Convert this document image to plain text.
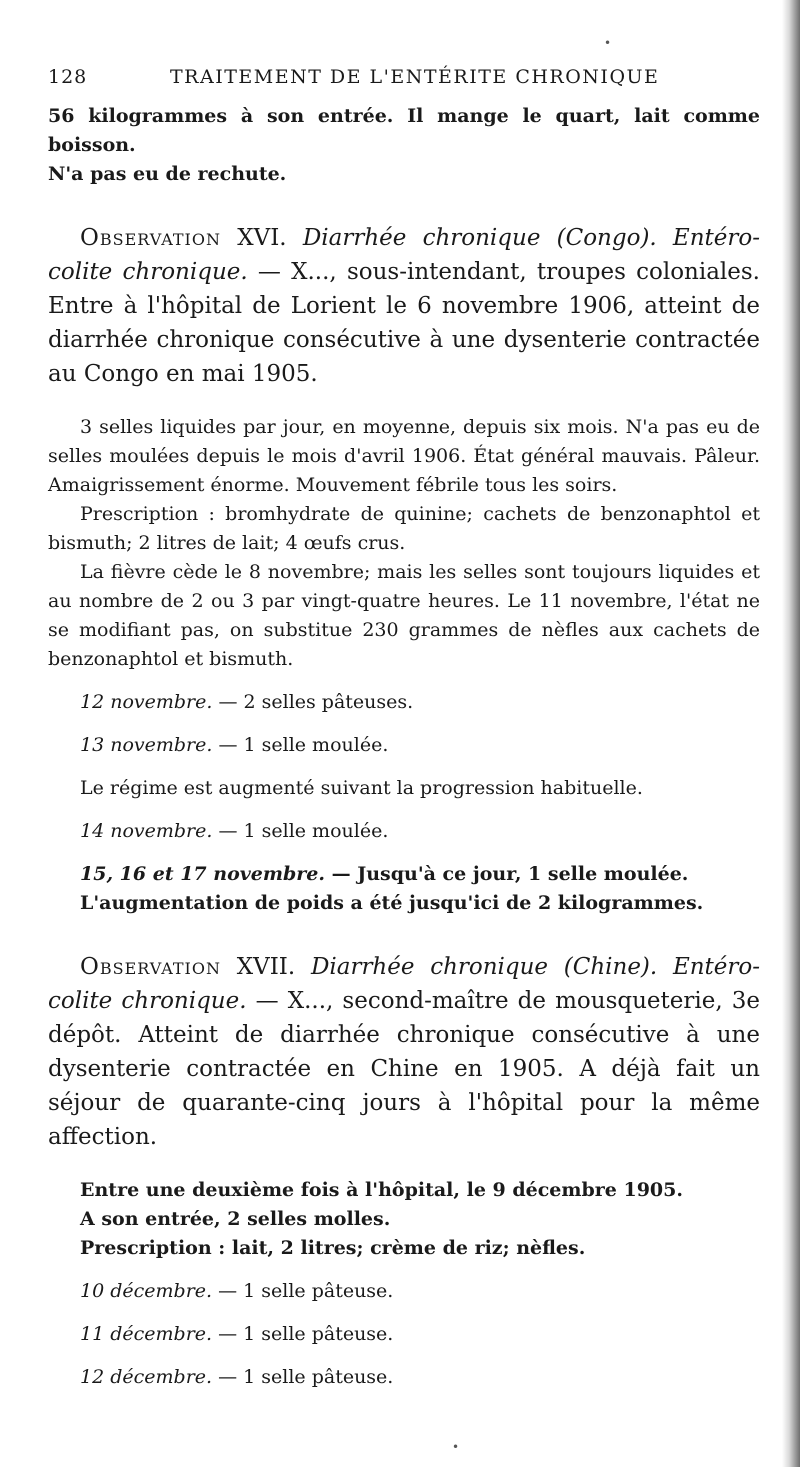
•
•
128	TRAITEMENT DE L'ENTÉRITE CHRONIQUE

56 kilogrammes à son entrée. Il mange le quart, lait comme boisson.

N'a pas eu de rechute.

Observation XVI. Diarrhée chronique (Congo). Entéro-colite chronique. — X..., sous-intendant, troupes coloniales. Entre à l'hôpital de Lorient le 6 novembre 1906, atteint de diarrhée chronique consécutive à une dysenterie contractée au Congo en mai 1905.

3 selles liquides par jour, en moyenne, depuis six mois. N'a pas eu de selles moulées depuis le mois d'avril 1906. État général mauvais. Pâleur. Amaigrissement énorme. Mouvement fébrile tous les soirs.

Prescription : bromhydrate de quinine; cachets de benzonaphtol et bismuth; 2 litres de lait; 4 œufs crus.

La fièvre cède le 8 novembre; mais les selles sont toujours liquides et au nombre de 2 ou 3 par vingt-quatre heures. Le 11 novembre, l'état ne se modifiant pas, on substitue 230 grammes de nèfles aux cachets de benzonaphtol et bismuth.

12 novembre. — 2 selles pâteuses.

13 novembre. — 1 selle moulée.

Le régime est augmenté suivant la progression habituelle.

14 novembre. — 1 selle moulée.

15, 16 et 17 novembre. — Jusqu'à ce jour, 1 selle moulée.

L'augmentation de poids a été jusqu'ici de 2 kilogrammes.

Observation XVII. Diarrhée chronique (Chine). Entéro-colite chronique. — X..., second-maître de mousqueterie, 3e dépôt. Atteint de diarrhée chronique consécutive à une dysenterie contractée en Chine en 1905. A déjà fait un séjour de quarante-cinq jours à l'hôpital pour la même affection.

Entre une deuxième fois à l'hôpital, le 9 décembre 1905.

A son entrée, 2 selles molles.

Prescription : lait, 2 litres; crème de riz; nèfles.

10 décembre. — 1 selle pâteuse.

11 décembre. — 1 selle pâteuse.

12 décembre. — 1 selle pâteuse.
